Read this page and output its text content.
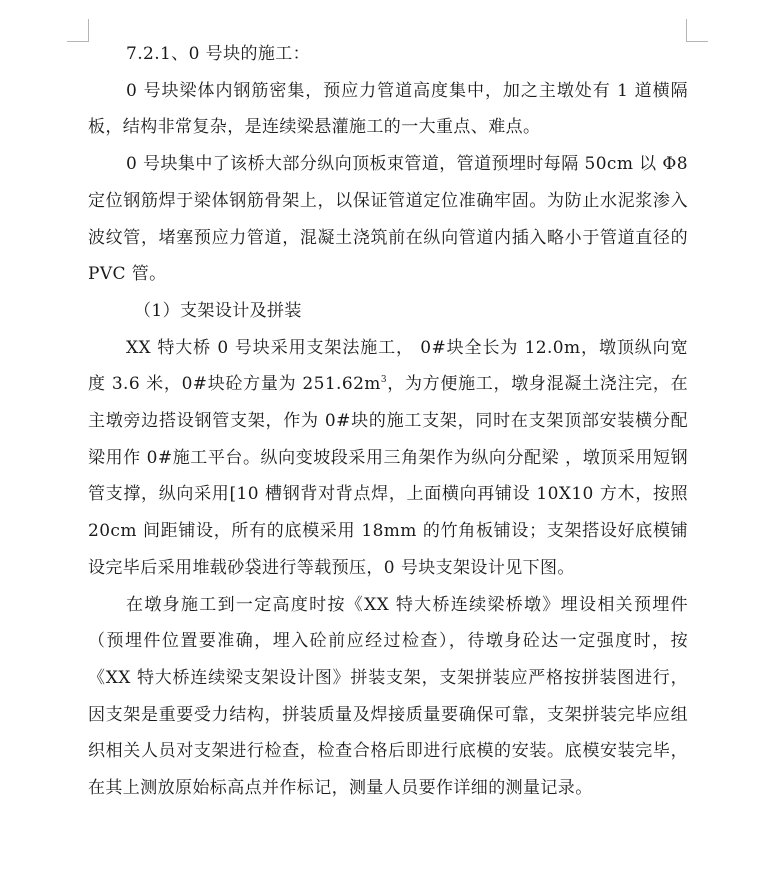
7.2.1、0 号块的施工：

0 号块梁体内钢筋密集，预应力管道高度集中，加之主墩处有 1 道横隔板，结构非常复杂，是连续梁悬灌施工的一大重点、难点。

0 号块集中了该桥大部分纵向顶板束管道，管道预埋时每隔 50cm 以 Φ8 定位钢筋焊于梁体钢筋骨架上，以保证管道定位准确牢固。为防止水泥浆渗入波纹管，堵塞预应力管道，混凝土浇筑前在纵向管道内插入略小于管道直径的 PVC 管。

（1）支架设计及拼装

XX 特大桥 0 号块采用支架法施工， 0#块全长为 12.0m，墩顶纵向宽度 3.6 米，0#块砼方量为 $251.62m^3$，为方便施工，墩身混凝土浇注完，在主墩旁边搭设钢管支架，作为 0#块的施工支架，同时在支架顶部安装横分配梁用作 0#施工平台。纵向变坡段采用三角架作为纵向分配梁 ，墩顶采用短钢管支撑，纵向采用[10 槽钢背对背点焊，上面横向再铺设 10X10 方木，按照 20cm 间距铺设，所有的底模采用 18mm 的竹角板铺设；支架搭设好底模铺设完毕后采用堆载砂袋进行等载预压，0 号块支架设计见下图。

在墩身施工到一定高度时按《XX 特大桥连续梁桥墩》埋设相关预埋件（预埋件位置要准确，埋入砼前应经过检查），待墩身砼达一定强度时，按《XX 特大桥连续梁支架设计图》拼装支架，支架拼装应严格按拼装图进行，因支架是重要受力结构，拼装质量及焊接质量要确保可靠，支架拼装完毕应组织相关人员对支架进行检查，检查合格后即进行底模的安装。底模安装完毕，在其上测放原始标高点并作标记，测量人员要作详细的测量记录。
